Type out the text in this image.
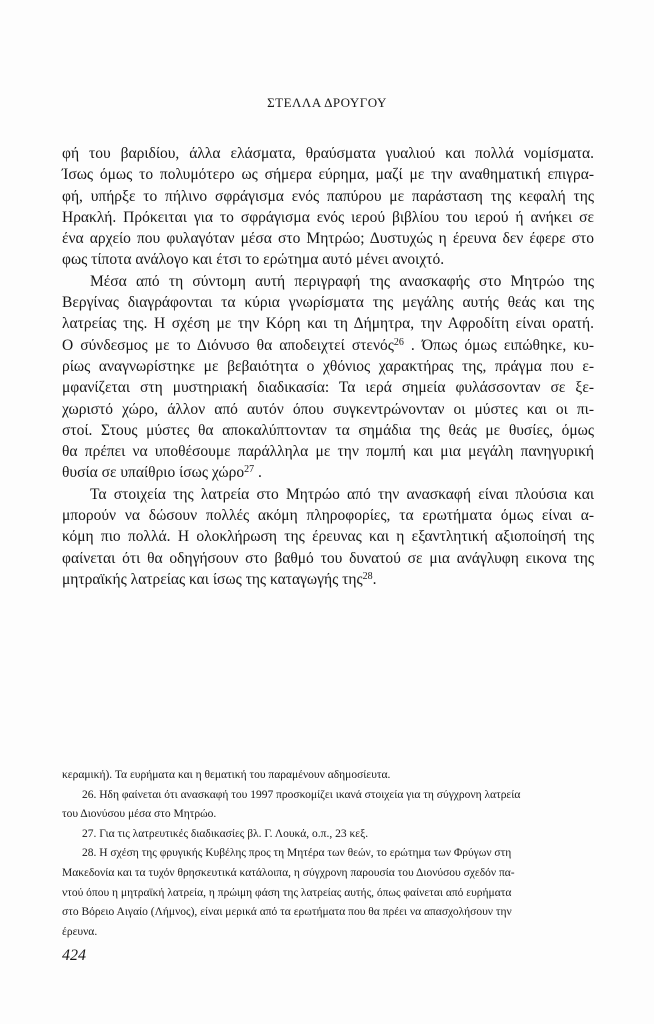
ΣΤΕΛΛΑ ΔΡΟΥΓΟΥ

φή του βαριδίου, άλλα ελάσματα, θραύσματα γυαλιού και πολλά νομίσματα.
Ίσως όμως το πολυμότερο ως σήμερα εύρημα, μαζί με την αναθηματική επιγρα-
φή, υπήρξε το πήλινο σφράγισμα ενός παπύρου με παράσταση της κεφαλή της
Ηρακλή. Πρόκειται για το σφράγισμα ενός ιερού βιβλίου του ιερού ή ανήκει σε
ένα αρχείο που φυλαγόταν μέσα στο Μητρώο; Δυστυχώς η έρευνα δεν έφερε στο
φως τίποτα ανάλογο και έτσι το ερώτημα αυτό μένει ανοιχτό.

Μέσα από τη σύντομη αυτή περιγραφή της ανασκαφής στο Μητρώο της
Βεργίνας διαγράφονται τα κύρια γνωρίσματα της μεγάλης αυτής θεάς και της
λατρείας της. Η σχέση με την Κόρη και τη Δήμητρα, την Αφροδίτη είναι ορατή.
Ο σύνδεσμος με το Διόνυσο θα αποδειχτεί στενός$^{26}$ . Όπως όμως ειπώθηκε, κυ-
ρίως αναγνωρίστηκε με βεβαιότητα ο χθόνιος χαρακτήρας της, πράγμα που ε-
μφανίζεται στη μυστηριακή διαδικασία: Τα ιερά σημεία φυλάσσονταν σε ξε-
χωριστό χώρο, άλλον από αυτόν όπου συγκεντρώνονταν οι μύστες και οι πι-
στοί. Στους μύστες θα αποκαλύπτονταν τα σημάδια της θεάς με θυσίες, όμως
θα πρέπει να υποθέσουμε παράλληλα με την πομπή και μια μεγάλη πανηγυρική
θυσία σε υπαίθριο ίσως χώρο$^{27}$ .

Τα στοιχεία της λατρεία στο Μητρώο από την ανασκαφή είναι πλούσια και
μπορούν να δώσουν πολλές ακόμη πληροφορίες, τα ερωτήματα όμως είναι α-
κόμη πιο πολλά. Η ολοκλήρωση της έρευνας και η εξαντλητική αξιοποίησή της
φαίνεται ότι θα οδηγήσουν στο βαθμό του δυνατού σε μια ανάγλυφη εικονα της
μητραϊκής λατρείας και ίσως της καταγωγής της$^{28}$.

κεραμική). Τα ευρήματα και η θεματική του παραμένουν αδημοσίευτα.
26. Ηδη φαίνεται ότι ανασκαφή του 1997 προσκομίζει ικανά στοιχεία για τη σύγχρονη λατρεία
του Διονύσου μέσα στο Μητρώο.
27. Για τις λατρευτικές διαδικασίες βλ. Γ. Λουκά, ο.π., 23 κεξ.
28. Η σχέση της φρυγικής Κυβέλης προς τη Μητέρα των θεών, το ερώτημα των Φρύγων στη
Μακεδονία και τα τυχόν θρησκευτικά κατάλοιπα, η σύγχρονη παρουσία του Διονύσου σχεδόν πα-
ντού όπου η μητραϊκή λατρεία, η πρώιμη φάση της λατρείας αυτής, όπως φαίνεται από ευρήματα
στο Βόρειο Αιγαίο (Λήμνος), είναι μερικά από τα ερωτήματα που θα πρέει να απασχολήσουν την
έρευνα.
424
